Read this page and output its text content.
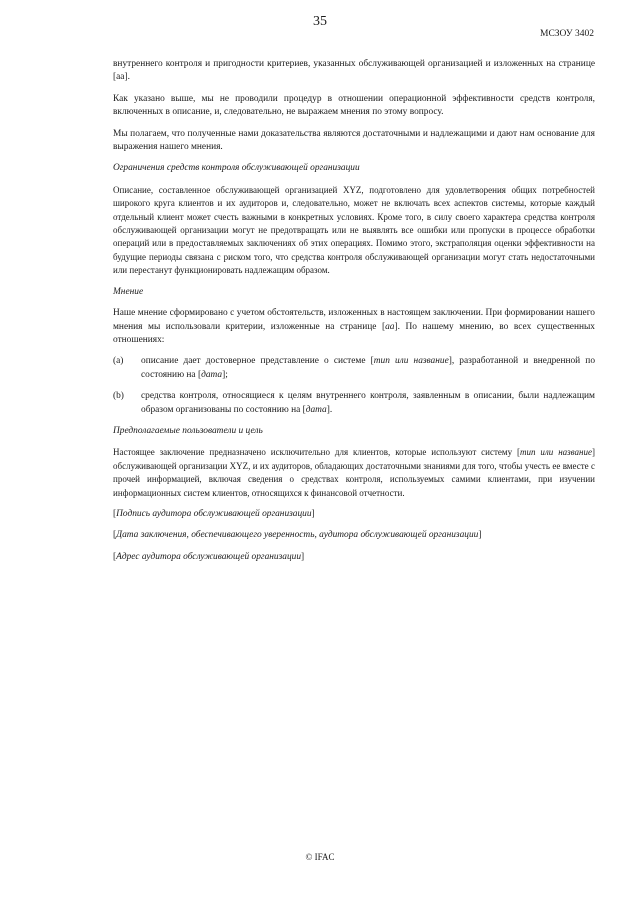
35
МСЗОУ 3402

внутреннего контроля и пригодности критериев, указанных обслуживающей организацией и изложенных на странице [аа].

Как указано выше, мы не проводили процедур в отношении операционной эффективности средств контроля, включенных в описание, и, следовательно, не выражаем мнения по этому вопросу.

Мы полагаем, что полученные нами доказательства являются достаточными и надлежащими и дают нам основание для выражения нашего мнения.

Ограничения средств контроля обслуживающей организации

Описание, составленное обслуживающей организацией XYZ, подготовлено для удовлетворения общих потребностей широкого круга клиентов и их аудиторов и, следовательно, может не включать всех аспектов системы, которые каждый отдельный клиент может счесть важными в конкретных условиях. Кроме того, в силу своего характера средства контроля обслуживающей организации могут не предотвращать или не выявлять все ошибки или пропуски в процессе обработки операций или в предоставляемых заключениях об этих операциях. Помимо этого, экстраполяция оценки эффективности на будущие периоды связана с риском того, что средства контроля обслуживающей организации могут стать недостаточными или перестанут функционировать надлежащим образом.

Мнение

Наше мнение сформировано с учетом обстоятельств, изложенных в настоящем заключении. При формировании нашего мнения мы использовали критерии, изложенные на странице [аа]. По нашему мнению, во всех существенных отношениях:

(a)	описание дает достоверное представление о системе [тип или название], разработанной и внедренной по состоянию на [дата];
(b)	средства контроля, относящиеся к целям внутреннего контроля, заявленным в описании, были надлежащим образом организованы по состоянию на [дата].
Предполагаемые пользователи и цель

Настоящее заключение предназначено исключительно для клиентов, которые используют систему [тип или название] обслуживающей организации XYZ, и их аудиторов, обладающих достаточными знаниями для того, чтобы учесть ее вместе с прочей информацией, включая сведения о средствах контроля, используемых самими клиентами, при изучении информационных систем клиентов, относящихся к финансовой отчетности.

[Подпись аудитора обслуживающей организации]

[Дата заключения, обеспечивающего уверенность, аудитора обслуживающей организации]

[Адрес аудитора обслуживающей организации]

© IFAC
